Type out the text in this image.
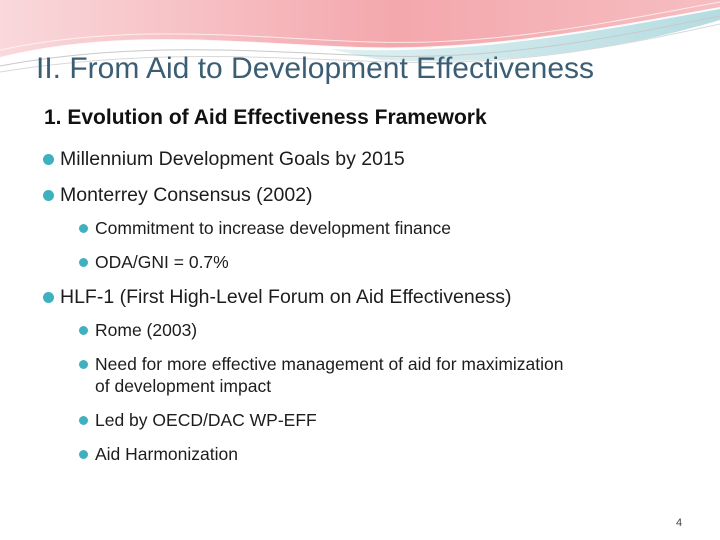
II. From Aid to Development Effectiveness
1. Evolution of Aid Effectiveness Framework
Millennium Development Goals by 2015
Monterrey Consensus (2002)
Commitment to increase development finance
ODA/GNI = 0.7%
HLF-1 (First High-Level Forum on Aid Effectiveness)
Rome (2003)
Need for more effective management of aid for maximization of development impact
Led by OECD/DAC WP-EFF
Aid Harmonization
4
